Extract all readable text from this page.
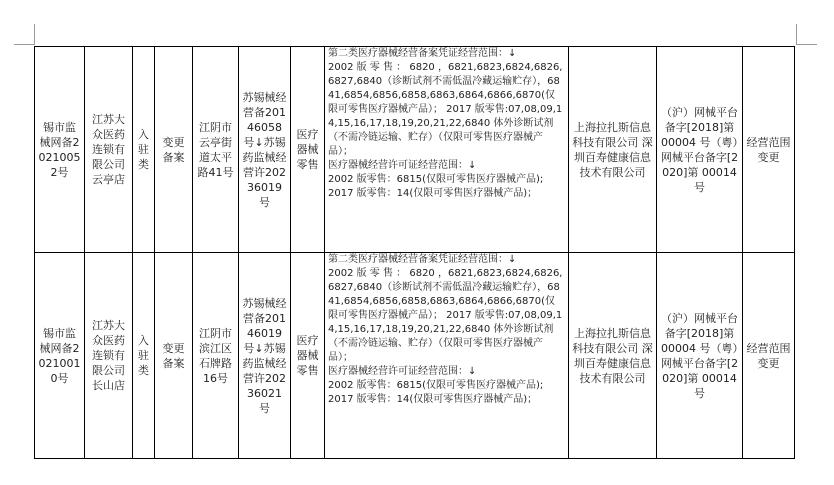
锡市监械网备20210052号	江苏大众医药连锁有限公司云亭店	入驻类	变更备案	江阴市云亭街道太平路41号	苏锡械经营备20146058号↓苏锡药监械经营许20236019号	医疗器械零售	第二类医疗器械经营备案凭证经营范围：↓
2002 版 零 售 ： 6820 ，6821,6823,6824,6826,6827,6840（诊断试剂不需低温冷藏运输贮存），6841,6854,6856,6858,6863,6864,6866,6870(仅限可零售医疗器械产品）； 2017 版零售:07,08,09,14,15,16,17,18,19,20,21,22,6840 体外诊断试剂（不需冷链运输、贮存）（仅限可零售医疗器械产品）；
医疗器械经营许可证经营范围：↓
2002 版零售：6815(仅限可零售医疗器械产品);
2017 版零售：14(仅限可零售医疗器械产品)；	上海拉扎斯信息科技有限公司 深圳百寿健康信息技术有限公司	（沪）网械平台备字[2018]第 00004 号（粤）网械平台备字[2020]第 00014 号	经营范围变更
锡市监械网备20210010号	江苏大众医药连锁有限公司长山店	入驻类	变更备案	江阴市滨江区石牌路16号	苏锡械经营备20146019号↓苏锡药监械经营许20236021号	医疗器械零售	第二类医疗器械经营备案凭证经营范围：↓
2002 版 零 售 ： 6820 ，6821,6823,6824,6826,6827,6840（诊断试剂不需低温冷藏运输贮存），6841,6854,6856,6858,6863,6864,6866,6870(仅限可零售医疗器械产品）； 2017 版零售:07,08,09,14,15,16,17,18,19,20,21,22,6840 体外诊断试剂（不需冷链运输、贮存）（仅限可零售医疗器械产品）；
医疗器械经营许可证经营范围：↓
2002 版零售：6815(仅限可零售医疗器械产品);
2017 版零售：14(仅限可零售医疗器械产品)；	上海拉扎斯信息科技有限公司 深圳百寿健康信息技术有限公司	（沪）网械平台备字[2018]第 00004 号（粤）网械平台备字[2020]第 00014 号	经营范围变更
